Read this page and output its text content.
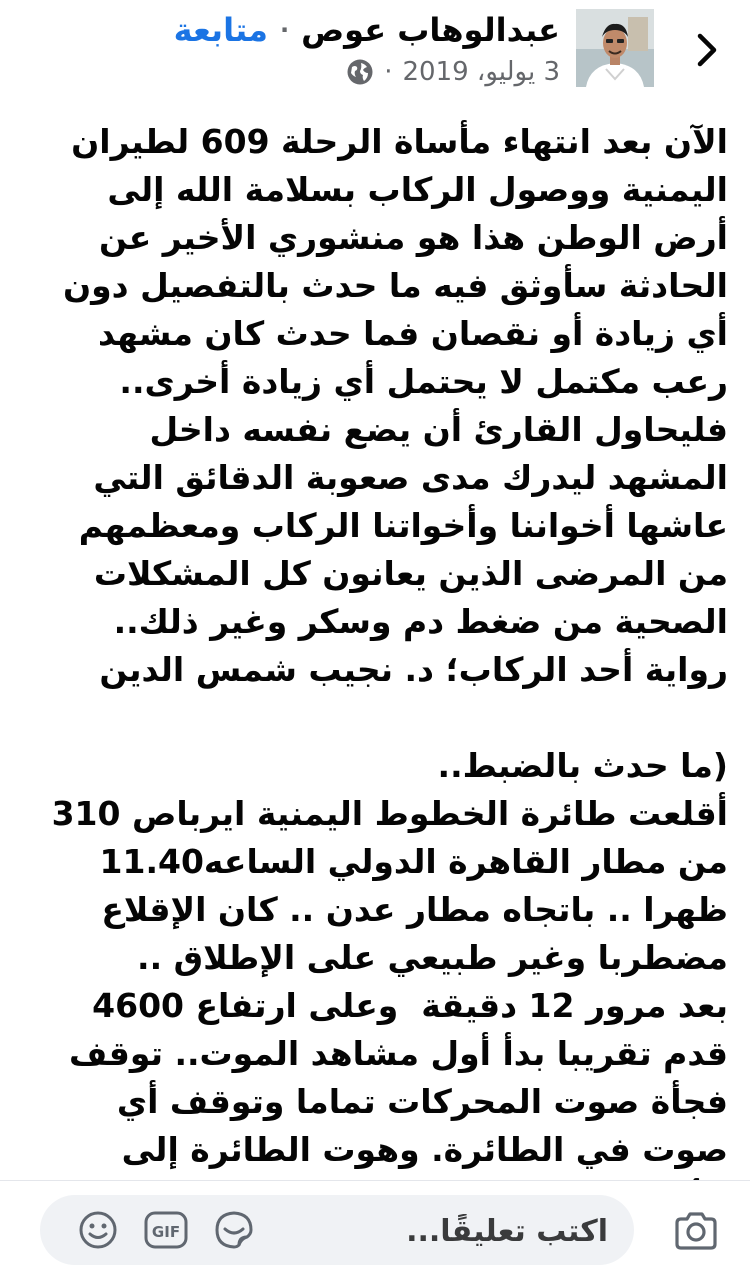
عبدالوهاب عوص
·
متابعة
3 يوليو، 2019
·
الآن بعد انتهاء مأساة الرحلة 609 لطيران اليمنية ووصول الركاب بسلامة الله إلى أرض الوطن هذا هو منشوري الأخير عن الحادثة سأوثق فيه ما حدث بالتفصيل دون أي زيادة أو نقصان فما حدث كان مشهد رعب مكتمل لا يحتمل أي زيادة أخرى.. فليحاول القارئ أن يضع نفسه داخل المشهد ليدرك مدى صعوبة الدقائق التي عاشها أخواننا وأخواتنا الركاب ومعظمهم من المرضى الذين يعانون كل المشكلات الصحية من ضغط دم وسكر وغير ذلك..
رواية أحد الركاب؛ د. نجيب شمس الدين

(ما حدث بالضبط..
أقلعت طائرة الخطوط اليمنية ايرباص 310 من مطار القاهرة الدولي الساعه11.40 ظهرا .. باتجاه مطار عدن .. كان الإقلاع مضطربا وغير طبيعي على الإطلاق ..
بعد مرور 12 دقيقة  وعلى ارتفاع 4600 قدم تقريبا بدأ أول مشاهد الموت.. توقف فجأة صوت المحركات تماما وتوقف أي صوت في الطائرة. وهوت الطائرة إلى
اكتب تعليقًا...
GIF
